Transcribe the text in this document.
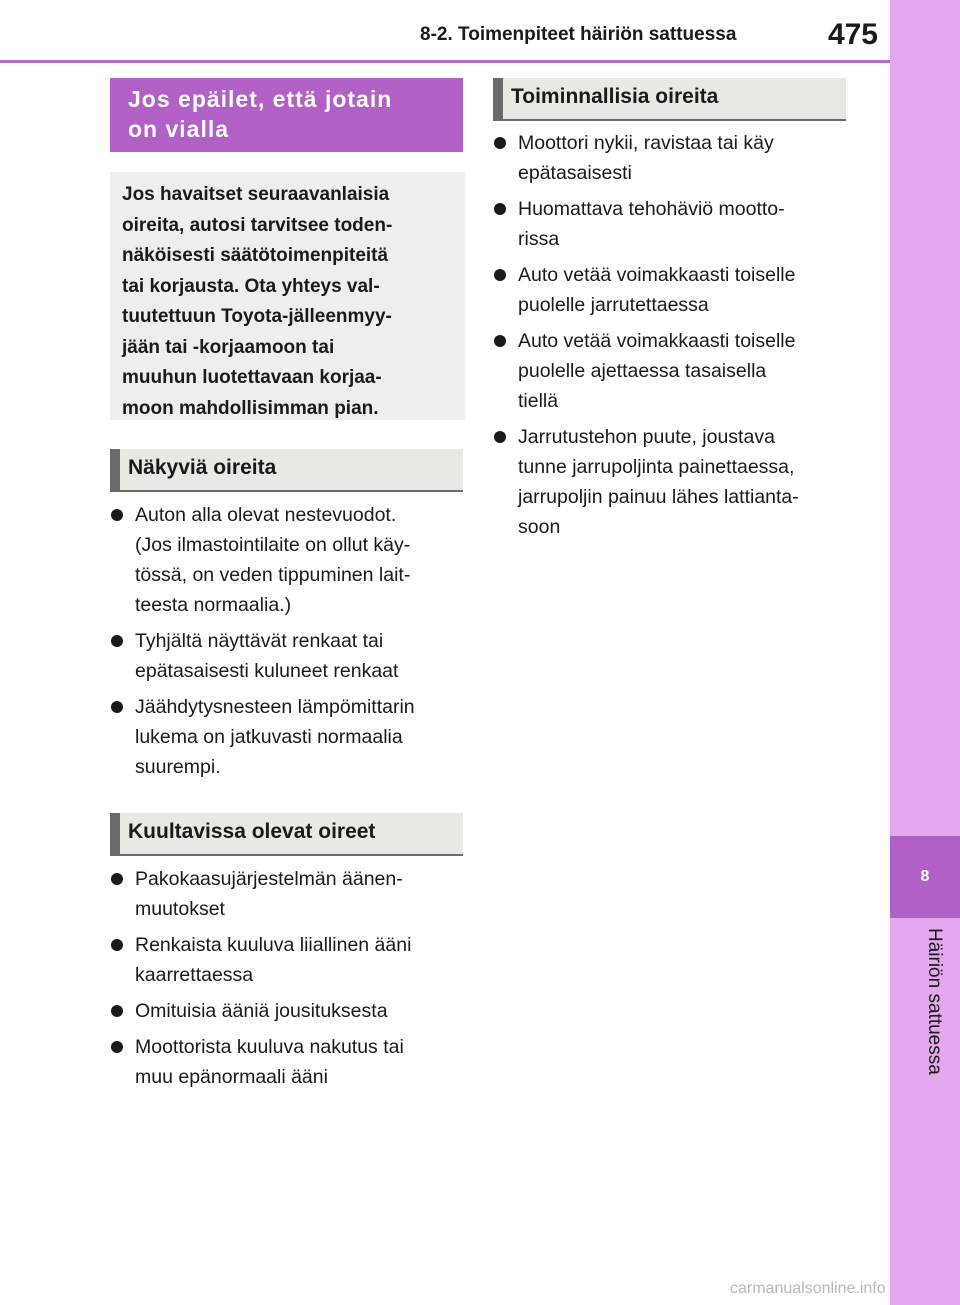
8-2. Toimenpiteet häiriön sattuessa	475
8
Häiriön sattuessa
Jos epäilet, että jotain
on vialla
Jos havaitset seuraavanlaisia
oireita, autosi tarvitsee toden-
näköisesti säätötoimenpiteitä
tai korjausta. Ota yhteys val-
tuutettuun Toyota-jälleenmyy-
jään tai -korjaamoon tai
muuhun luotettavaan korjaa-
moon mahdollisimman pian.
Näkyviä oireita
Auton alla olevat nestevuodot.
(Jos ilmastointilaite on ollut käy-
tössä, on veden tippuminen lait-
teesta normaalia.)
Tyhjältä näyttävät renkaat tai
epätasaisesti kuluneet renkaat
Jäähdytysnesteen lämpömittarin
lukema on jatkuvasti normaalia
suurempi.
Kuultavissa olevat oireet
Pakokaasujärjestelmän äänen-
muutokset
Renkaista kuuluva liiallinen ääni
kaarrettaessa
Omituisia ääniä jousituksesta
Moottorista kuuluva nakutus tai
muu epänormaali ääni
Toiminnallisia oireita
Moottori nykii, ravistaa tai käy
epätasaisesti
Huomattava tehohäviö mootto-
rissa
Auto vetää voimakkaasti toiselle
puolelle jarrutettaessa
Auto vetää voimakkaasti toiselle
puolelle ajettaessa tasaisella
tiellä
Jarrutustehon puute, joustava
tunne jarrupoljinta painettaessa,
jarrupoljin painuu lähes lattianta-
soon
carmanualsonline.info
